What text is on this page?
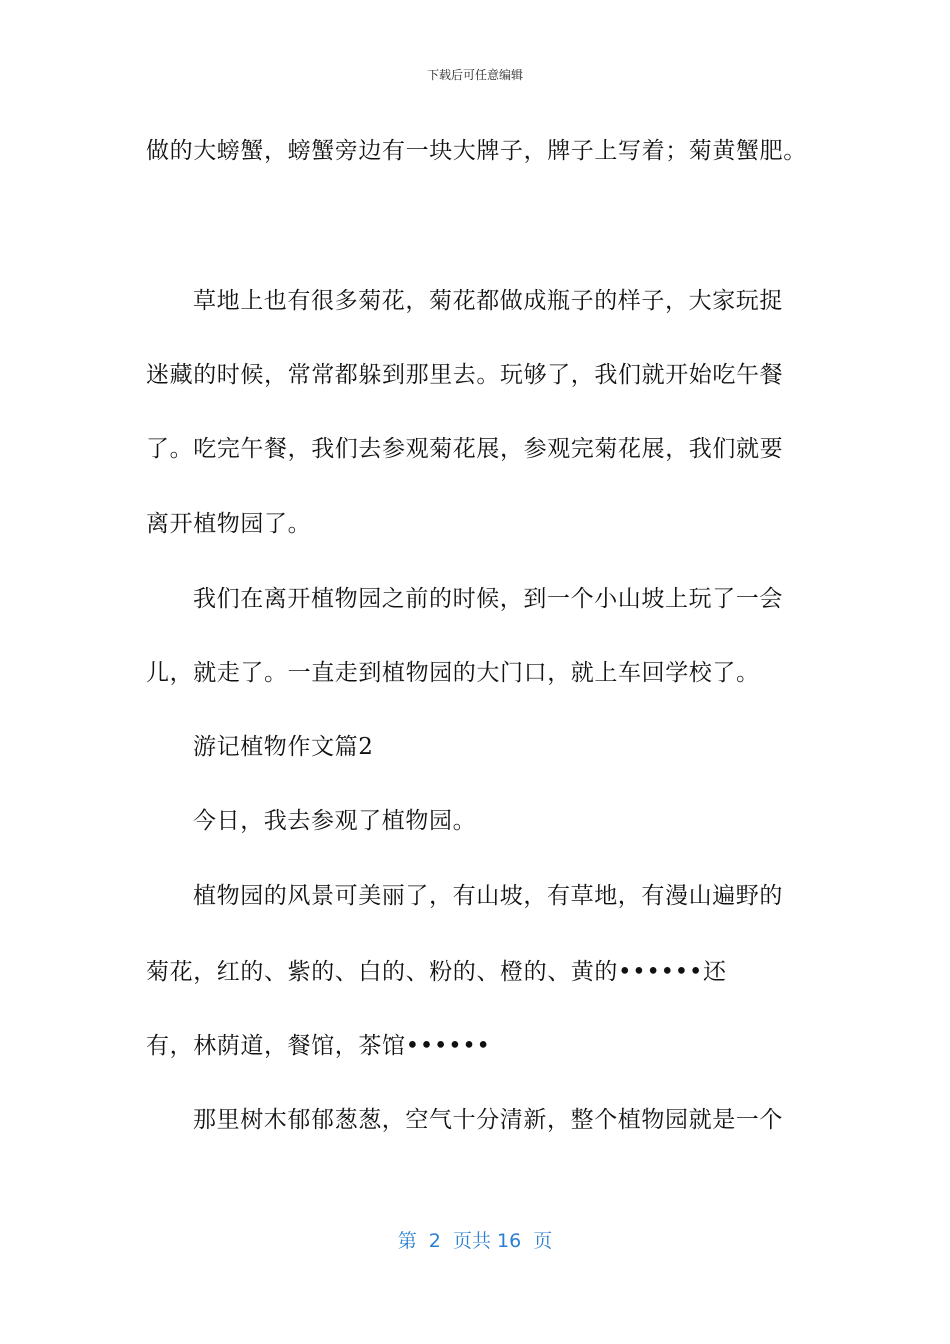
下载后可任意编辑
做的大螃蟹，螃蟹旁边有一块大牌子，牌子上写着；菊黄蟹肥。
草地上也有很多菊花，菊花都做成瓶子的样子，大家玩捉
迷藏的时候，常常都躲到那里去。玩够了，我们就开始吃午餐
了。吃完午餐，我们去参观菊花展，参观完菊花展，我们就要
离开植物园了。
我们在离开植物园之前的时候，到一个小山坡上玩了一会
儿，就走了。一直走到植物园的大门口，就上车回学校了。
游记植物作文篇2
今日，我去参观了植物园。
植物园的风景可美丽了，有山坡，有草地，有漫山遍野的
菊花，红的、紫的、白的、粉的、橙的、黄的••••••还
有，林荫道，餐馆，茶馆••••••
那里树木郁郁葱葱，空气十分清新，整个植物园就是一个
第  2  页共 16  页
